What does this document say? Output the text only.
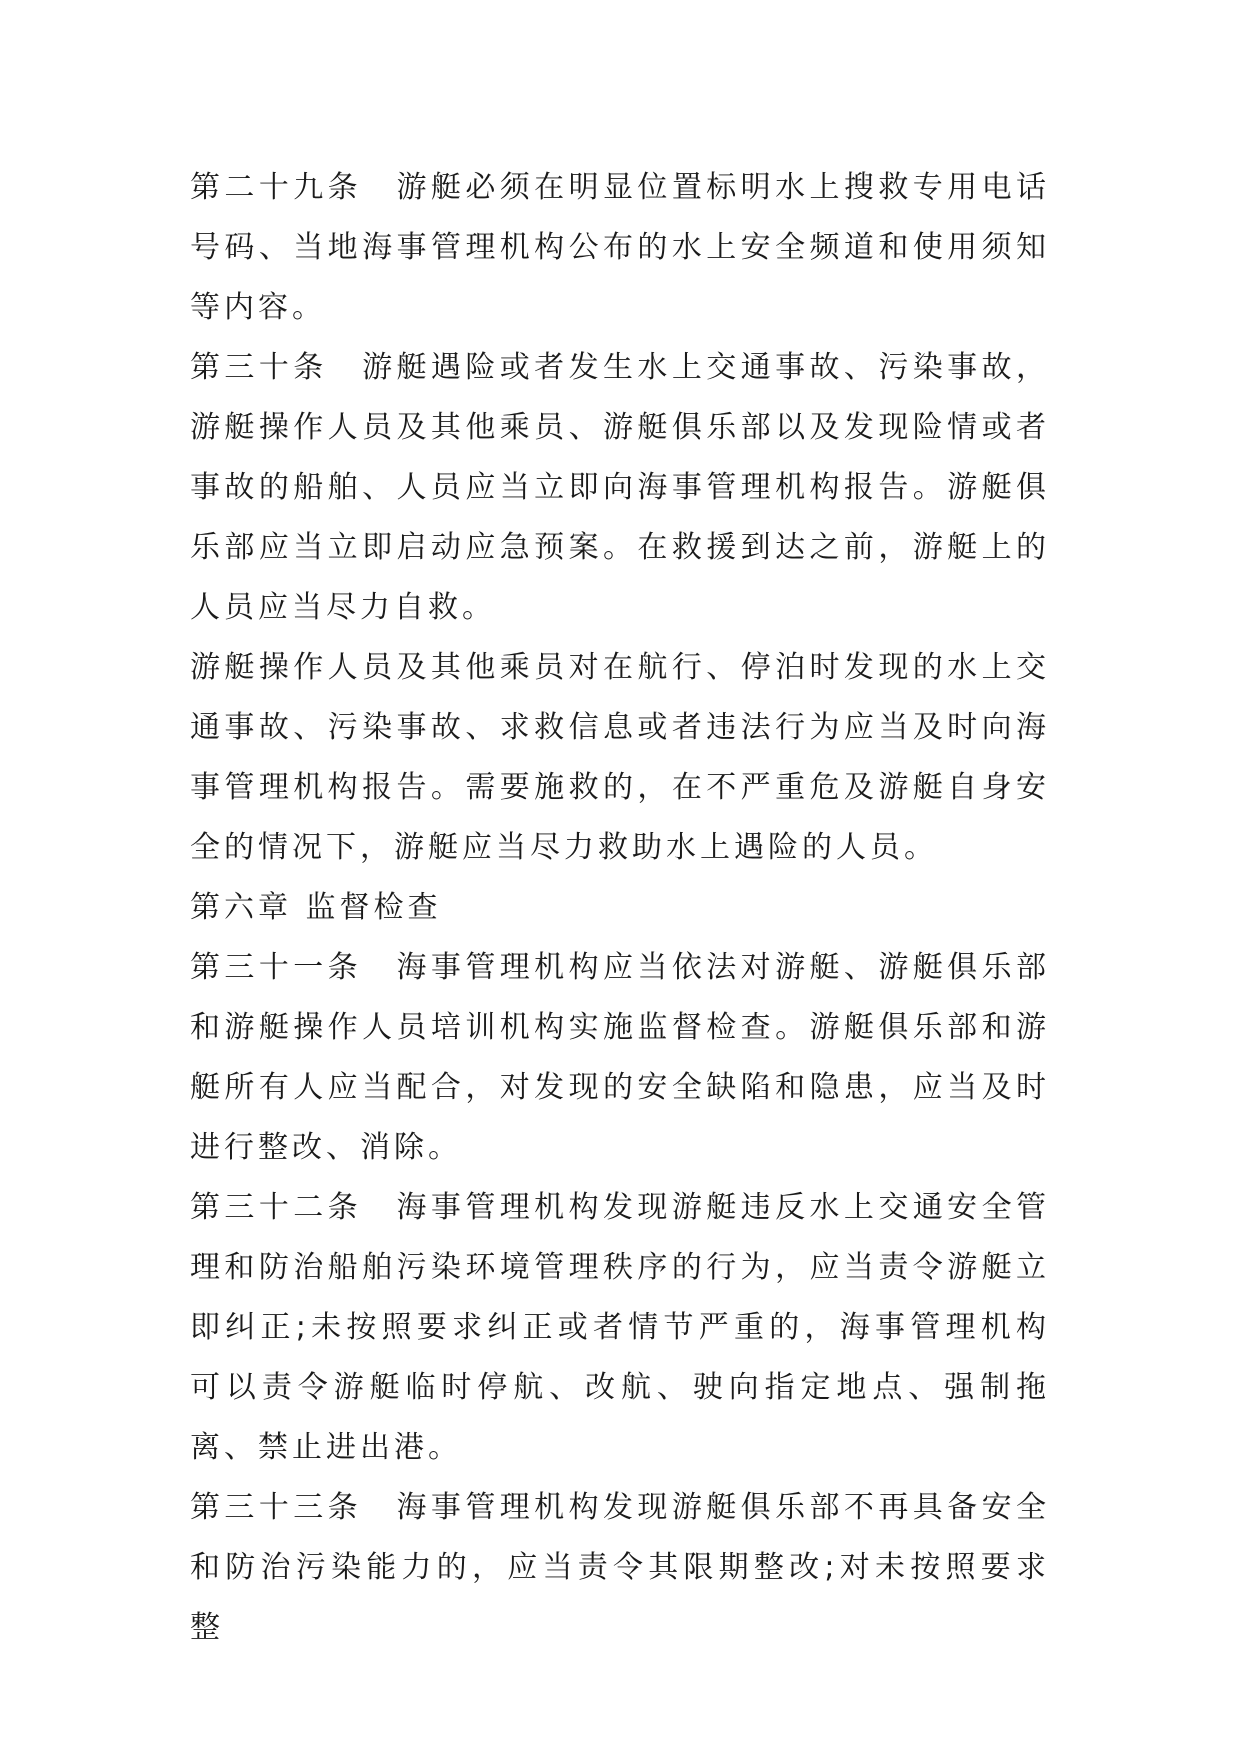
第二十九条　 游艇必须在明显位置标明水上搜救专用电话号码、当地海事管理机构公布的水上安全频道和使用须知等内容。

第三十条　 游艇遇险或者发生水上交通事故、污染事故，游艇操作人员及其他乘员、游艇俱乐部以及发现险情或者事故的船舶、人员应当立即向海事管理机构报告。游艇俱乐部应当立即启动应急预案。在救援到达之前，游艇上的人员应当尽力自救。

游艇操作人员及其他乘员对在航行、停泊时发现的水上交通事故、污染事故、求救信息或者违法行为应当及时向海事管理机构报告。需要施救的，在不严重危及游艇自身安全的情况下，游艇应当尽力救助水上遇险的人员。

第六章 监督检查

第三十一条　 海事管理机构应当依法对游艇、游艇俱乐部和游艇操作人员培训机构实施监督检查。游艇俱乐部和游艇所有人应当配合，对发现的安全缺陷和隐患，应当及时进行整改、消除。

第三十二条　 海事管理机构发现游艇违反水上交通安全管理和防治船舶污染环境管理秩序的行为，应当责令游艇立即纠正;未按照要求纠正或者情节严重的，海事管理机构可以责令游艇临时停航、改航、驶向指定地点、强制拖离、禁止进出港。

第三十三条　 海事管理机构发现游艇俱乐部不再具备安全和防治污染能力的，应当责令其限期整改;对未按照要求整
